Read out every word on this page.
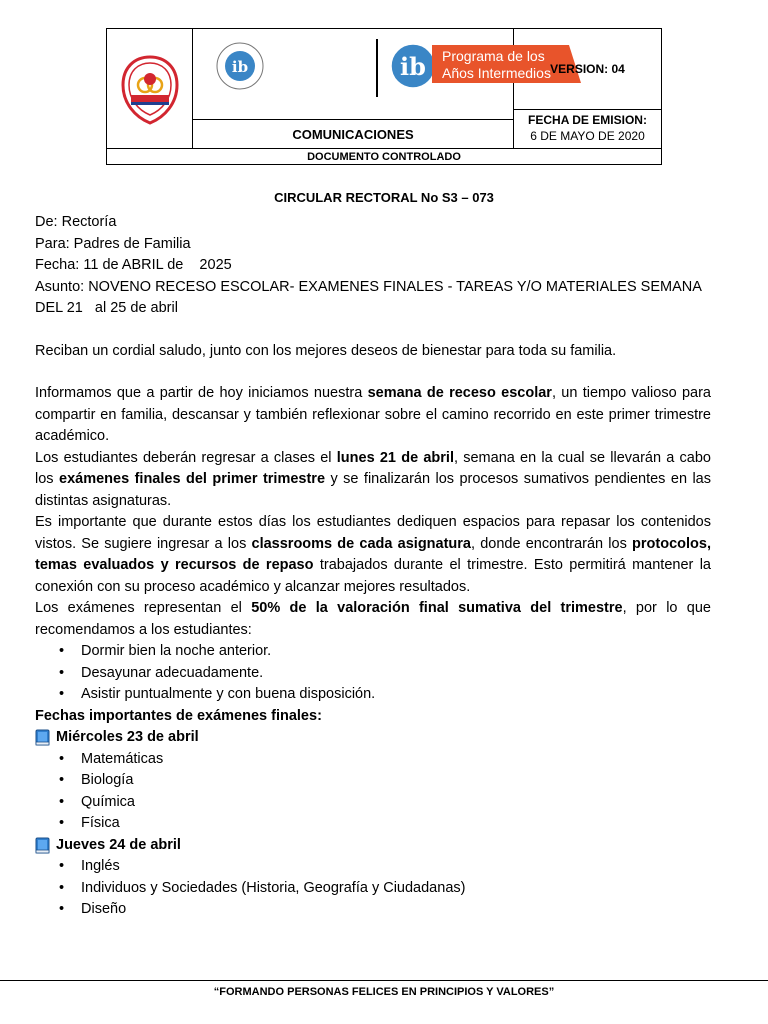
ib	ib Programa de los
Años Intermedios
COMUNICACIONES
VERSION: 04
FECHA DE EMISION:
6 DE MAYO DE 2020
DOCUMENTO CONTROLADO
CIRCULAR RECTORAL No S3 – 073

De: Rectoría

Para: Padres de Familia

Fecha: 11 de ABRIL de    2025

Asunto: NOVENO RECESO ESCOLAR- EXAMENES FINALES - TAREAS Y/O MATERIALES SEMANA DEL 21   al 25 de abril

Reciban un cordial saludo, junto con los mejores deseos de bienestar para toda su familia.

Informamos que a partir de hoy iniciamos nuestra semana de receso escolar, un tiempo valioso para compartir en familia, descansar y también reflexionar sobre el camino recorrido en este primer trimestre académico.

Los estudiantes deberán regresar a clases el lunes 21 de abril, semana en la cual se llevarán a cabo los exámenes finales del primer trimestre y se finalizarán los procesos sumativos pendientes en las distintas asignaturas.

Es importante que durante estos días los estudiantes dediquen espacios para repasar los contenidos vistos. Se sugiere ingresar a los classrooms de cada asignatura, donde encontrarán los protocolos, temas evaluados y recursos de repaso trabajados durante el trimestre. Esto permitirá mantener la conexión con su proceso académico y alcanzar mejores resultados.

Los exámenes representan el 50% de la valoración final sumativa del trimestre, por lo que recomendamos a los estudiantes:

• Dormir bien la noche anterior.
• Desayunar adecuadamente.
• Asistir puntualmente y con buena disposición.

Fechas importantes de exámenes finales:

Miércoles 23 de abril
• Matemáticas
• Biología
• Química
• Física
Jueves 24 de abril
• Inglés
• Individuos y Sociedades (Historia, Geografía y Ciudadanas)
• Diseño
“FORMANDO PERSONAS FELICES EN PRINCIPIOS Y VALORES”
